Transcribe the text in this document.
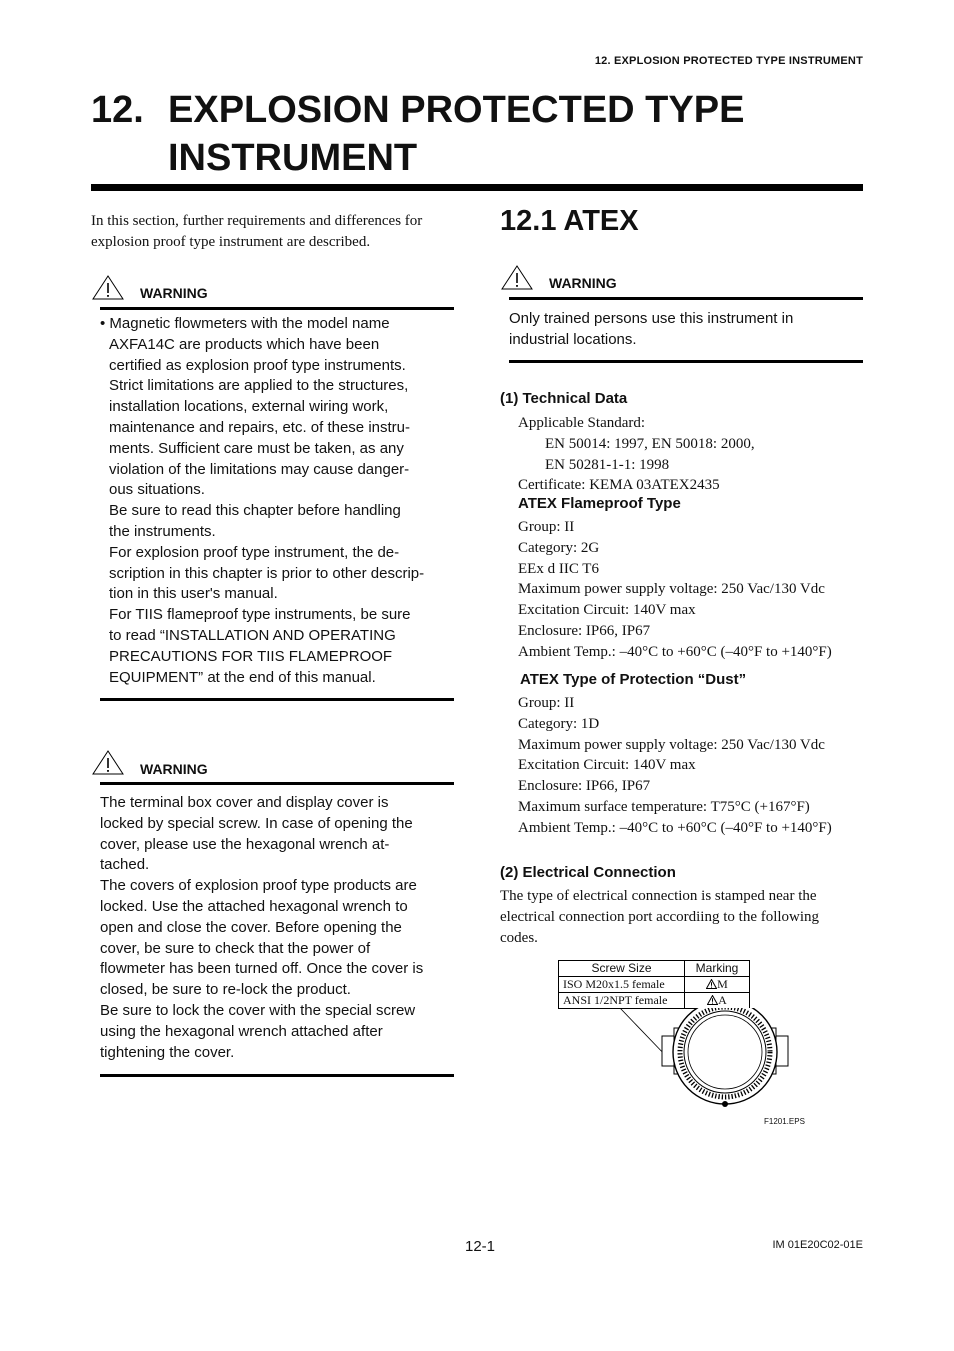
12. EXPLOSION PROTECTED TYPE INSTRUMENT
12. EXPLOSION PROTECTED TYPE
INSTRUMENT
In this section, further requirements and differences for explosion proof type instrument are described.
WARNING

• Magnetic flowmeters with the model name

AXFA14C are products which have been

certified as explosion proof type instruments.

Strict limitations are applied to the structures,

installation locations, external wiring work,

maintenance and repairs, etc. of these instru-

ments. Sufficient care must be taken, as any

violation of the limitations may cause danger-

ous situations.

Be sure to read this chapter before handling

the instruments.

For explosion proof type instrument, the de-

scription in this chapter is prior to other descrip-

tion in this user's manual.

For TIIS flameproof type instruments, be sure

to read “INSTALLATION AND OPERATING

PRECAUTIONS FOR TIIS FLAMEPROOF

EQUIPMENT” at the end of this manual.

WARNING

The terminal box cover and display cover is

locked by special screw. In case of opening the

cover, please use the hexagonal wrench at-

tached.

The covers of explosion proof type products are

locked. Use the attached hexagonal wrench to

open and close the cover. Before opening the

cover, be sure to check that the power of

flowmeter has been turned off. Once the cover is

closed, be sure to re-lock the product.

Be sure to lock the cover with the special screw

using the hexagonal wrench attached after

tightening the cover.

12.1 ATEX
WARNING

Only trained persons use this instrument in

industrial locations.

(1) Technical Data
Applicable Standard:
EN 50014: 1997, EN 50018: 2000,
EN 50281-1-1: 1998
Certificate: KEMA 03ATEX2435
ATEX Flameproof Type
Group: II
Category: 2G
EEx d IIC T6
Maximum power supply voltage: 250 Vac/130 Vdc
Excitation Circuit: 140V max
Enclosure: IP66, IP67
Ambient Temp.: –40°C to +60°C (–40°F to +140°F)
ATEX Type of Protection “Dust”
Group: II
Category: 1D
Maximum power supply voltage: 250 Vac/130 Vdc
Excitation Circuit: 140V max
Enclosure: IP66, IP67
Maximum surface temperature: T75°C (+167°F)
Ambient Temp.: –40°C to +60°C (–40°F to +140°F)
(2) Electrical Connection
The type of electrical connection is stamped near the
electrical connection port accordiing to the following
codes.
Screw Size	Marking
ISO M20x1.5 female	M
ANSI 1/2NPT female	A
F1201.EPS
12-1	IM 01E20C02-01E
